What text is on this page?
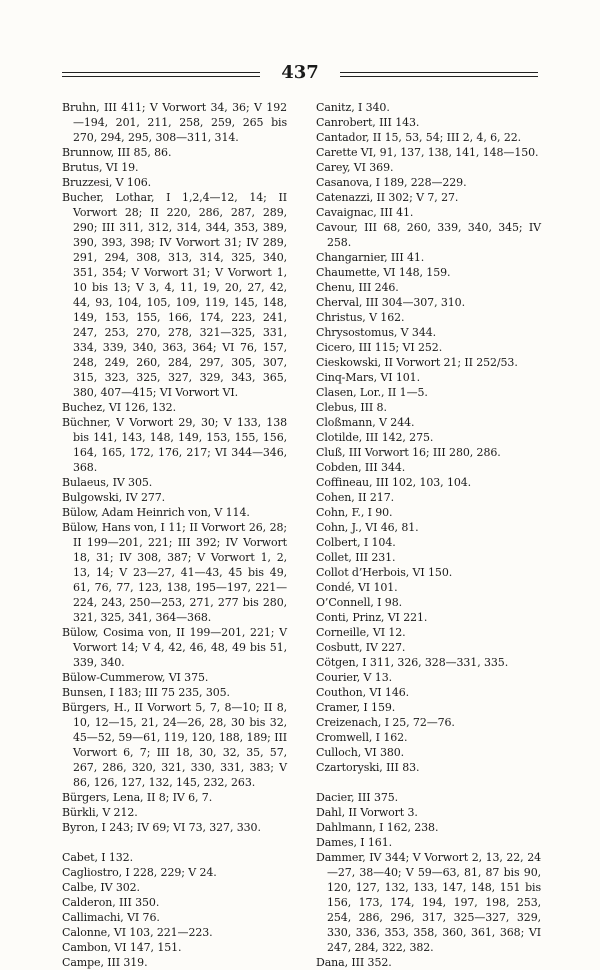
437

Bruhn, III 411; V Vorwort 34, 36; V 192—194, 201, 211, 258, 259, 265 bis 270, 294, 295, 308—311, 314.

Brunnow, III 85, 86.

Brutus, VI 19.

Bruzzesi, V 106.

Bucher, Lothar, I 1,2,4—12, 14; II Vorwort 28; II 220, 286, 287, 289, 290; III 311, 312, 314, 344, 353, 389, 390, 393, 398; IV Vorwort 31; IV 289, 291, 294, 308, 313, 314, 325, 340, 351, 354; V Vorwort 31; V Vorwort 1, 10 bis 13; V 3, 4, 11, 19, 20, 27, 42, 44, 93, 104, 105, 109, 119, 145, 148, 149, 153, 155, 166, 174, 223, 241, 247, 253, 270, 278, 321—325, 331, 334, 339, 340, 363, 364; VI 76, 157, 248, 249, 260, 284, 297, 305, 307, 315, 323, 325, 327, 329, 343, 365, 380, 407—415; VI Vorwort VI.

Buchez, VI 126, 132.

Büchner, V Vorwort 29, 30; V 133, 138 bis 141, 143, 148, 149, 153, 155, 156, 164, 165, 172, 176, 217; VI 344—346, 368.

Bulaeus, IV 305.

Bulgowski, IV 277.

Bülow, Adam Heinrich von, V 114.

Bülow, Hans von, I 11; II Vorwort 26, 28; II 199—201, 221; III 392; IV Vorwort 18, 31; IV 308, 387; V Vorwort 1, 2, 13, 14; V 23—27, 41—43, 45 bis 49, 61, 76, 77, 123, 138, 195—197, 221—224, 243, 250—253, 271, 277 bis 280, 321, 325, 341, 364—368.

Bülow, Cosima von, II 199—201, 221; V Vorwort 14; V 4, 42, 46, 48, 49 bis 51, 339, 340.

Bülow-Cummerow, VI 375.

Bunsen, I 183; III 75 235, 305.

Bürgers, H., II Vorwort 5, 7, 8—10; II 8, 10, 12—15, 21, 24—26, 28, 30 bis 32, 45—52, 59—61, 119, 120, 188, 189; III Vorwort 6, 7; III 18, 30, 32, 35, 57, 267, 286, 320, 321, 330, 331, 383; V 86, 126, 127, 132, 145, 232, 263.

Bürgers, Lena, II 8; IV 6, 7.

Bürkli, V 212.

Byron, I 243; IV 69; VI 73, 327, 330.

Cabet, I 132.

Cagliostro, I 228, 229; V 24.

Calbe, IV 302.

Calderon, III 350.

Callimachi, VI 76.

Calonne, VI 103, 221—223.

Cambon, VI 147, 151.

Campe, III 319.

Canitz, I 340.

Canrobert, III 143.

Cantador, II 15, 53, 54; III 2, 4, 6, 22.

Carette VI, 91, 137, 138, 141, 148—150.

Carey, VI 369.

Casanova, I 189, 228—229.

Catenazzi, II 302; V 7, 27.

Cavaignac, III 41.

Cavour, III 68, 260, 339, 340, 345; IV 258.

Changarnier, III 41.

Chaumette, VI 148, 159.

Chenu, III 246.

Cherval, III 304—307, 310.

Christus, V 162.

Chrysostomus, V 344.

Cicero, III 115; VI 252.

Cieskowski, II Vorwort 21; II 252/53.

Cinq-Mars, VI 101.

Clasen, Lor., II 1—5.

Clebus, III 8.

Cloßmann, V 244.

Clotilde, III 142, 275.

Cluß, III Vorwort 16; III 280, 286.

Cobden, III 344.

Coffineau, III 102, 103, 104.

Cohen, II 217.

Cohn, F., I 90.

Cohn, J., VI 46, 81.

Colbert, I 104.

Collet, III 231.

Collot d’Herbois, VI 150.

Condé, VI 101.

O’Connell, I 98.

Conti, Prinz, VI 221.

Corneille, VI 12.

Cosbutt, IV 227.

Cötgen, I 311, 326, 328—331, 335.

Courier, V 13.

Couthon, VI 146.

Cramer, I 159.

Creizenach, I 25, 72—76.

Cromwell, I 162.

Culloch, VI 380.

Czartoryski, III 83.

Dacier, III 375.

Dahl, II Vorwort 3.

Dahlmann, I 162, 238.

Dames, I 161.

Dammer, IV 344; V Vorwort 2, 13, 22, 24—27, 38—40; V 59—63, 81, 87 bis 90, 120, 127, 132, 133, 147, 148, 151 bis 156, 173, 174, 194, 197, 198, 253, 254, 286, 296, 317, 325—327, 329, 330, 336, 353, 358, 360, 361, 368; VI 247, 284, 322, 382.

Dana, III 352.
